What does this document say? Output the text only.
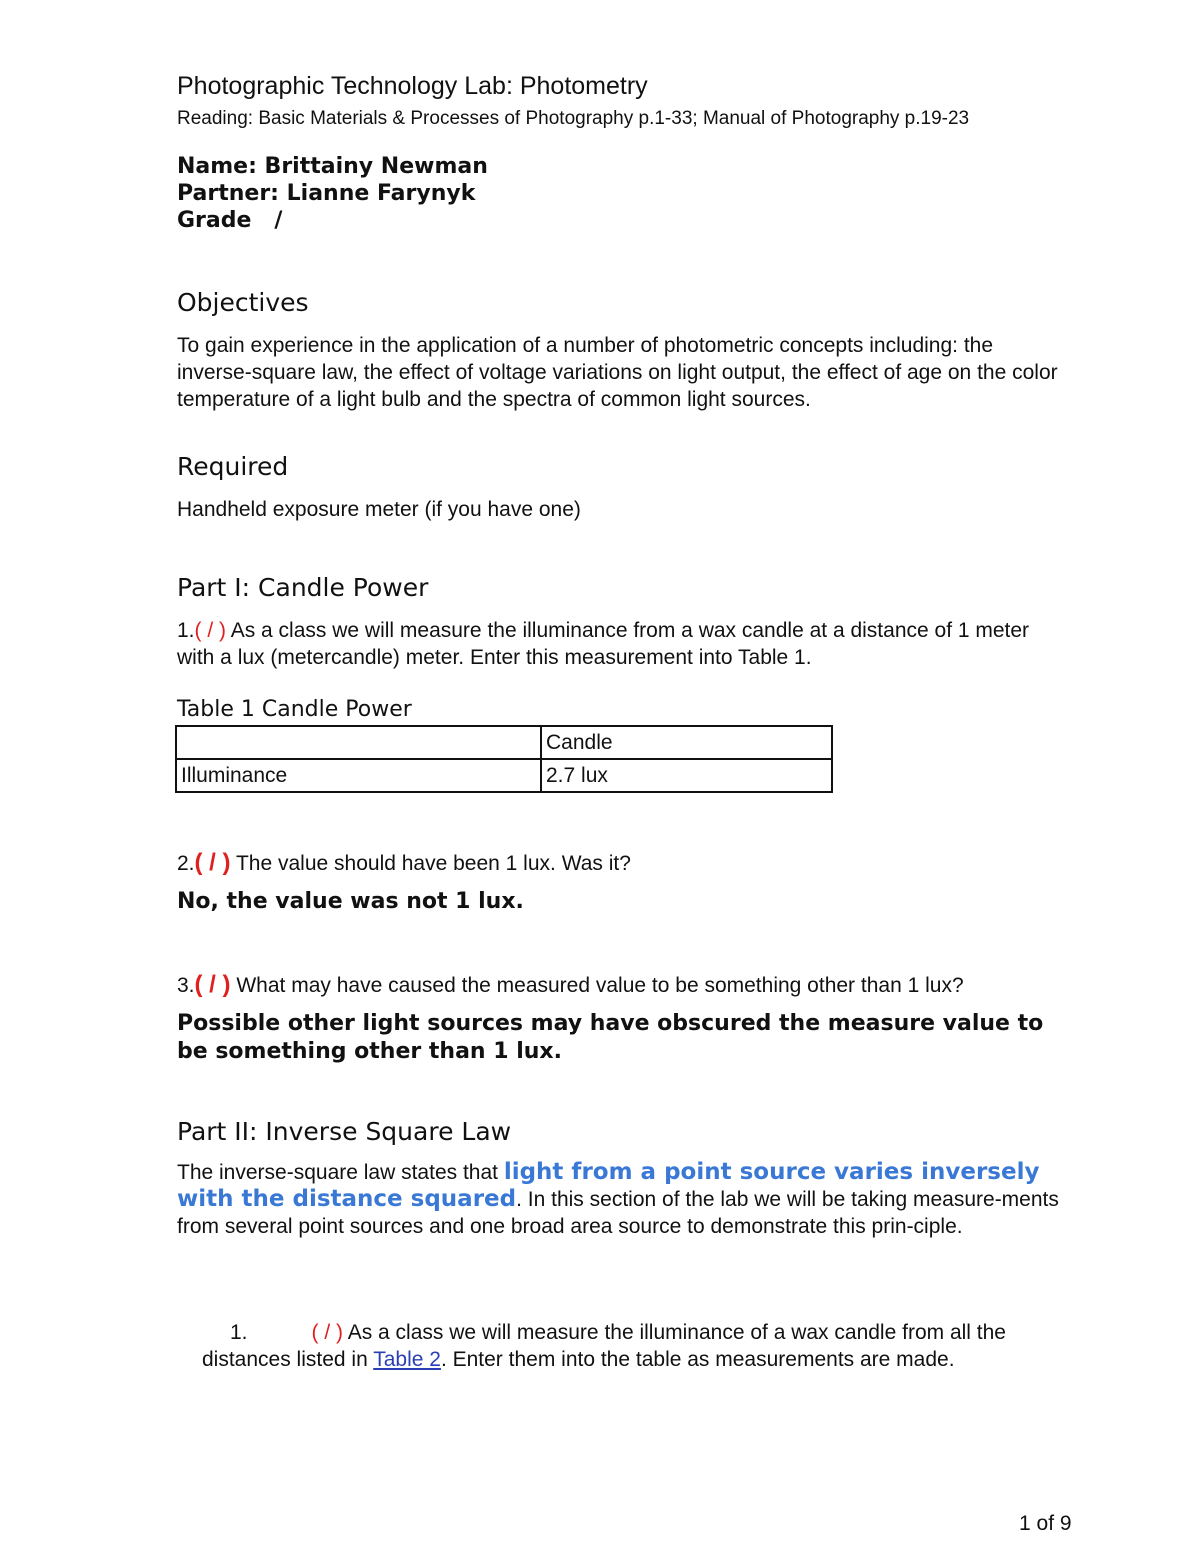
Photographic Technology Lab: Photometry
Reading: Basic Materials & Processes of Photography p.1-33; Manual of Photography p.19-23
Name: Brittainy Newman
Partner: Lianne Farynyk
Grade   /
Objectives
To gain experience in the application of a number of photometric concepts including: the inverse-square law, the effect of voltage variations on light output, the effect of age on the color temperature of a light bulb and the spectra of common light sources.
Required
Handheld exposure meter (if you have one)
Part I: Candle Power
1.( / ) As a class we will measure the illuminance from a wax candle at a distance of 1 meter with a lux (metercandle) meter. Enter this measurement into Table 1.
Table 1 Candle Power
	Candle
Illuminance	2.7 lux
2.( / ) The value should have been 1 lux. Was it?
No, the value was not 1 lux.
3.( / ) What may have caused the measured value to be something other than 1 lux?
Possible other light sources may have obscured the measure value to be something other than 1 lux.
Part II: Inverse Square Law
The inverse-square law states that light from a point source varies inversely with the distance squared. In this section of the lab we will be taking measure-ments from several point sources and one broad area source to demonstrate this prin-ciple.
1.	( / ) As a class we will measure the illuminance of a wax candle from all the distances listed in Table 2. Enter them into the table as measurements are made.
1 of 9
